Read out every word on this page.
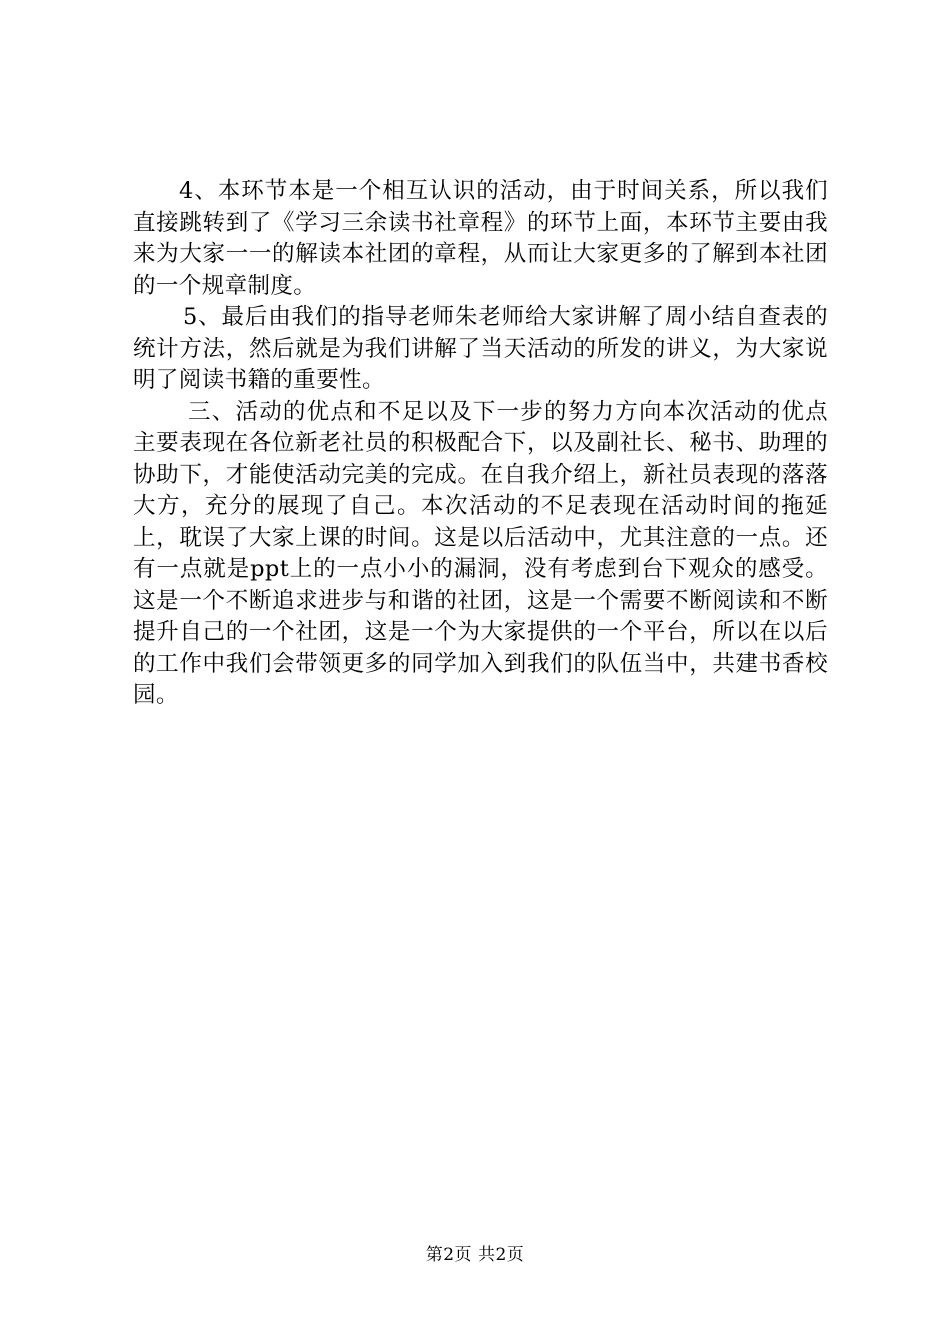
4、本环节本是一个相互认识的活动，由于时间关系，所以我们直接跳转到了《学习三余读书社章程》的环节上面，本环节主要由我来为大家一一的解读本社团的章程，从而让大家更多的了解到本社团的一个规章制度。

5、最后由我们的指导老师朱老师给大家讲解了周小结自查表的统计方法，然后就是为我们讲解了当天活动的所发的讲义，为大家说明了阅读书籍的重要性。

三、活动的优点和不足以及下一步的努力方向本次活动的优点主要表现在各位新老社员的积极配合下，以及副社长、秘书、助理的协助下，才能使活动完美的完成。在自我介绍上，新社员表现的落落大方，充分的展现了自己。本次活动的不足表现在活动时间的拖延上，耽误了大家上课的时间。这是以后活动中，尤其注意的一点。还有一点就是ppt上的一点小小的漏洞，没有考虑到台下观众的感受。这是一个不断追求进步与和谐的社团，这是一个需要不断阅读和不断提升自己的一个社团，这是一个为大家提供的一个平台，所以在以后的工作中我们会带领更多的同学加入到我们的队伍当中，共建书香校园。

第2页 共2页
